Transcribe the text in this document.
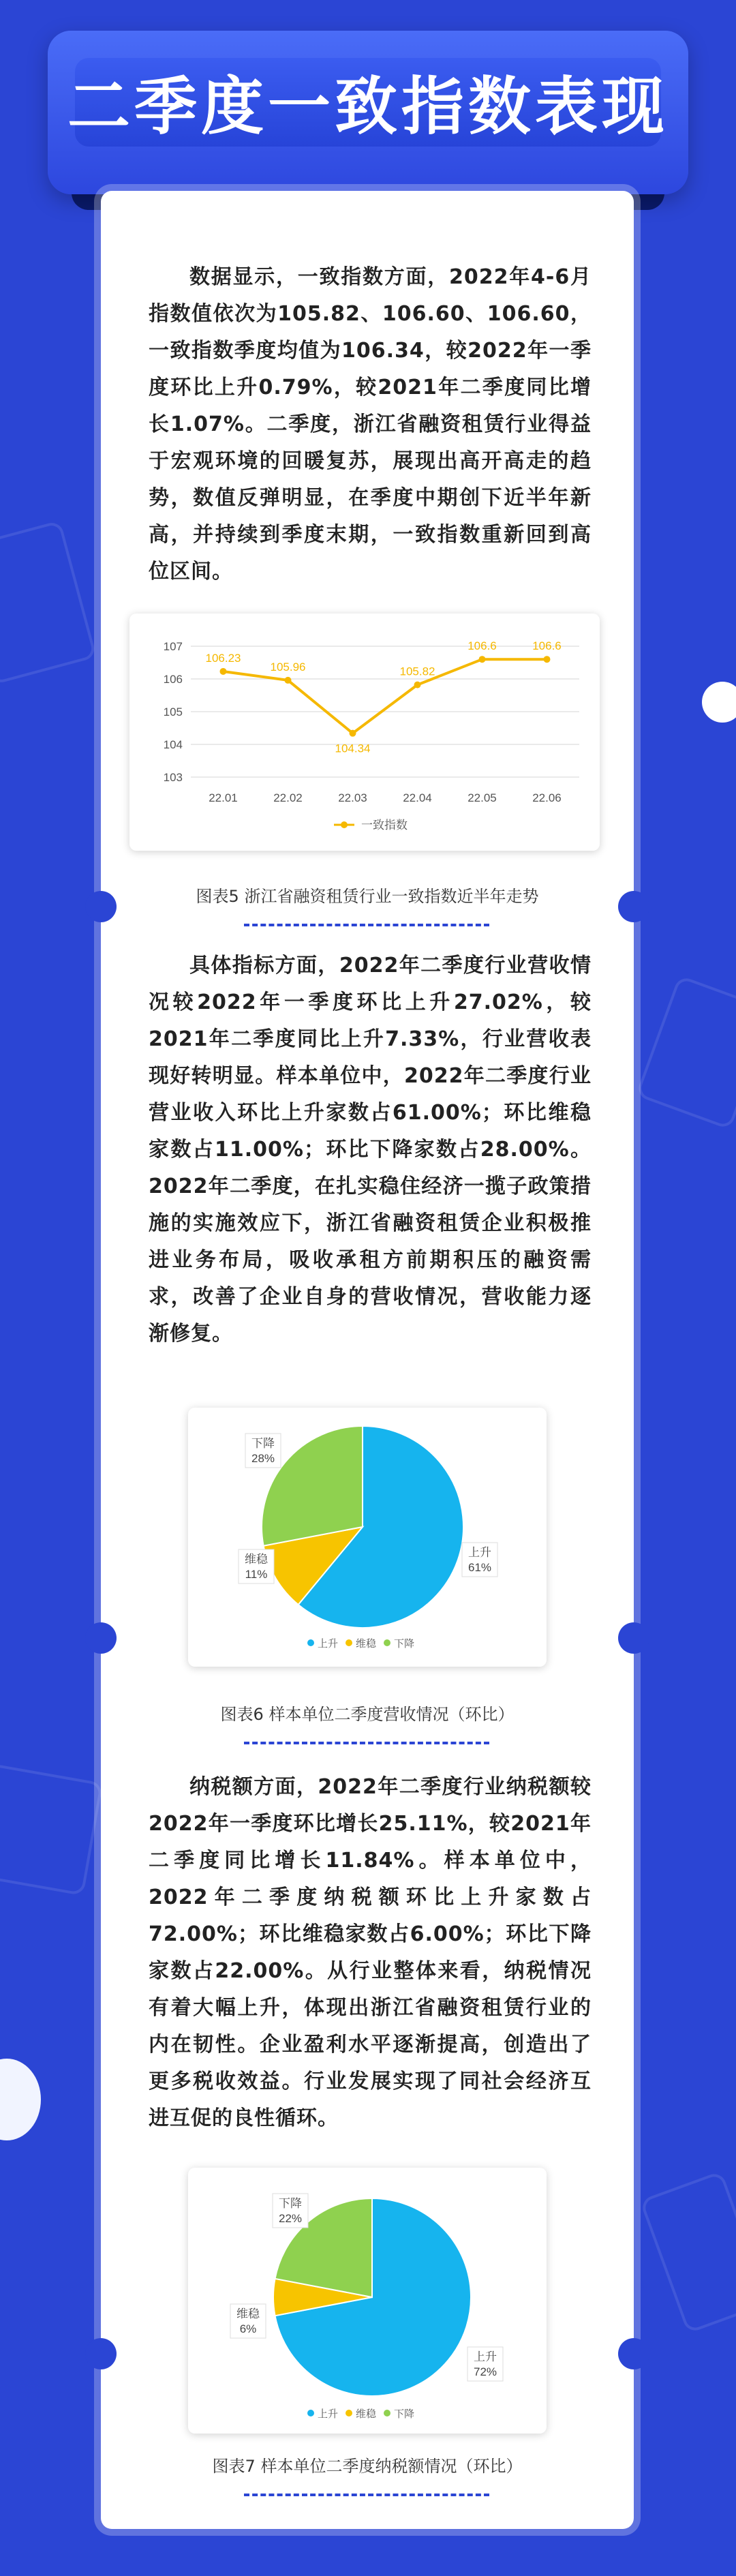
二季度一致指数表现
数据显示，一致指数方面，2022年4-6月指数值依次为105.82、106.60、106.60，一致指数季度均值为106.34，较2022年一季度环比上升0.79%，较2021年二季度同比增长1.07%。二季度，浙江省融资租赁行业得益于宏观环境的回暖复苏，展现出高开高走的趋势，数值反弹明显，在季度中期创下近半年新高，并持续到季度末期，一致指数重新回到高位区间。
103
104
105
106
107
106.23
22.01
105.96
22.02
104.34
22.03
105.82
22.04
106.6
22.05
106.6
22.06
一致指数
图表5 浙江省融资租赁行业一致指数近半年走势
具体指标方面，2022年二季度行业营收情况较2022年一季度环比上升27.02%，较2021年二季度同比上升7.33%，行业营收表现好转明显。样本单位中，2022年二季度行业营业收入环比上升家数占61.00%；环比维稳家数占11.00%；环比下降家数占28.00%。2022年二季度，在扎实稳住经济一揽子政策措施的实施效应下，浙江省融资租赁企业积极推进业务布局，吸收承租方前期积压的融资需求，改善了企业自身的营收情况，营收能力逐渐修复。
上升
61%
维稳
11%
下降
28%
上升 维稳 下降
图表6 样本单位二季度营收情况（环比）
纳税额方面，2022年二季度行业纳税额较2022年一季度环比增长25.11%，较2021年二季度同比增长11.84%。样本单位中，2022年二季度纳税额环比上升家数占72.00%；环比维稳家数占6.00%；环比下降家数占22.00%。从行业整体来看，纳税情况有着大幅上升，体现出浙江省融资租赁行业的内在韧性。企业盈利水平逐渐提高，创造出了更多税收效益。行业发展实现了同社会经济互进互促的良性循环。
上升
72%
维稳
6%
下降
22%
上升 维稳 下降
图表7 样本单位二季度纳税额情况（环比）
